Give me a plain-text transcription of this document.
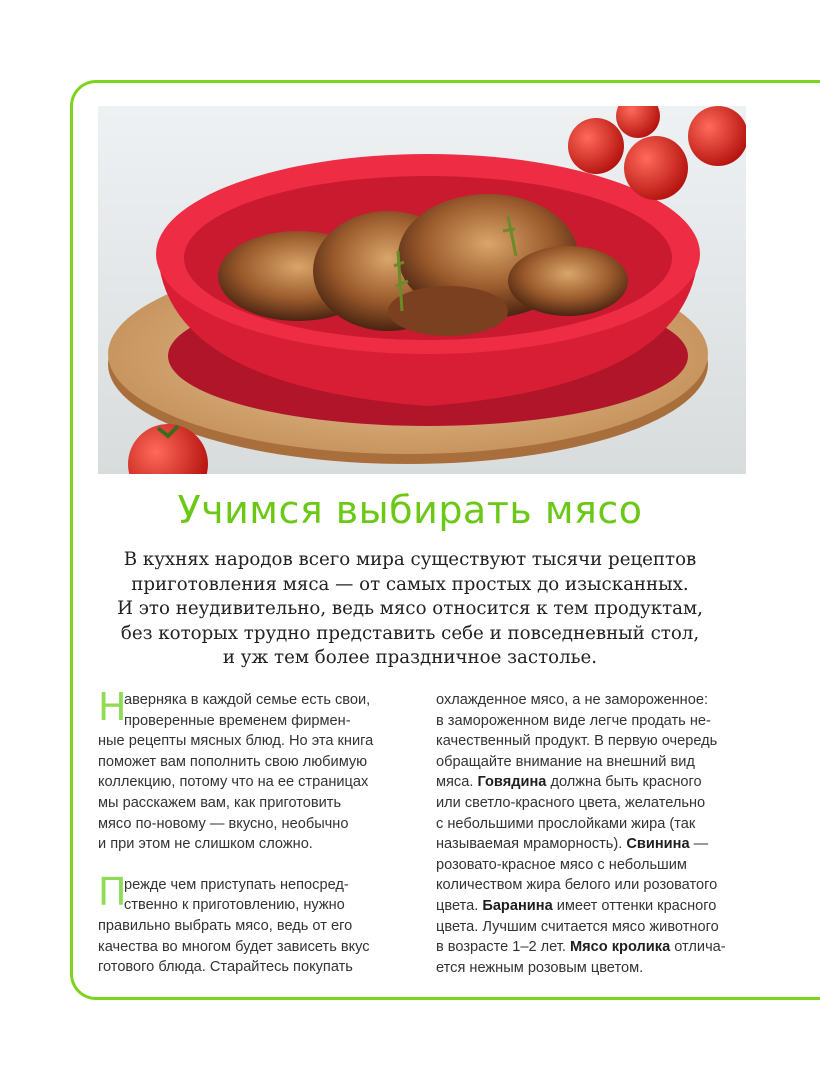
Учимся выбирать мясо
В кухнях народов всего мира существуют тысячи рецептов
приготовления мяса — от самых простых до изысканных.
И это неудивительно, ведь мясо относится к тем продуктам,
без которых трудно представить себе и повседневный стол,
и уж тем более праздничное застолье.
Н
аверняка в каждой семье есть свои,
проверенные временем фирмен-
ные рецепты мясных блюд. Но эта книга
поможет вам пополнить свою любимую
коллекцию, потому что на ее страницах
мы расскажем вам, как приготовить
мясо по-новому — вкусно, необычно
и при этом не слишком сложно.
П
режде чем приступать непосред-
ственно к приготовлению, нужно
правильно выбрать мясо, ведь от его
качества во многом будет зависеть вкус
готового блюда. Старайтесь покупать
охлажденное мясо, а не замороженное:
в замороженном виде легче продать не-
качественный продукт. В первую очередь
обращайте внимание на внешний вид
мяса. Говядина должна быть красного
или светло-красного цвета, желательно
с небольшими прослойками жира (так
называемая мраморность). Свинина —
розовато-красное мясо с небольшим
количеством жира белого или розоватого
цвета. Баранина имеет оттенки красного
цвета. Лучшим считается мясо животного
в возрасте 1–2 лет. Мясо кролика отлича-
ется нежным розовым цветом.
